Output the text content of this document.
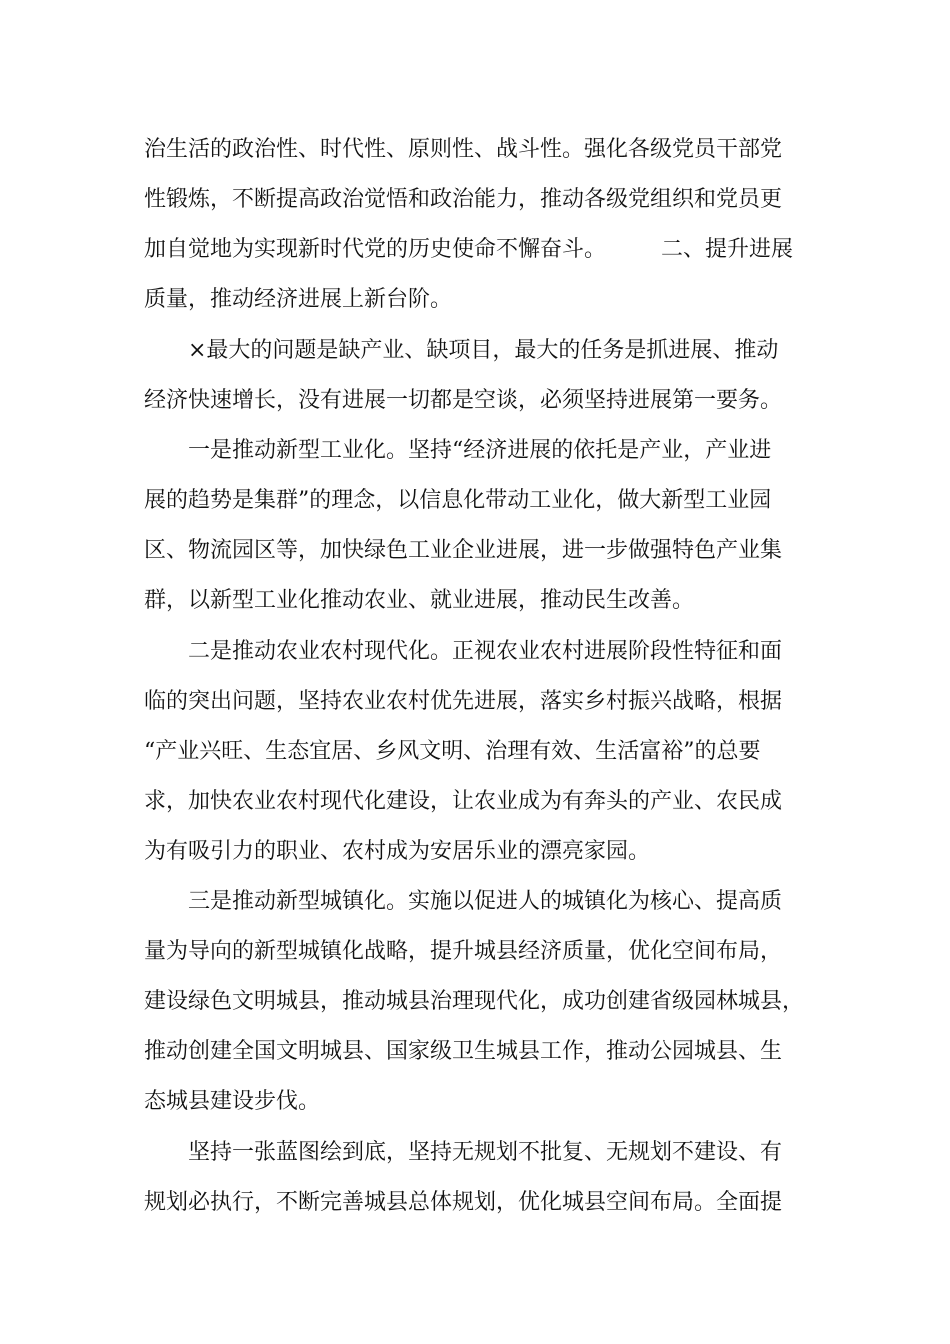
治生活的政治性、时代性、原则性、战斗性。强化各级党员干部党
性锻炼，不断提高政治觉悟和政治能力，推动各级党组织和党员更
加自觉地为实现新时代党的历史使命不懈奋斗。　　　二、提升进展
质量，推动经济进展上新台阶。
×最大的问题是缺产业、缺项目，最大的任务是抓进展、推动
经济快速增长，没有进展一切都是空谈，必须坚持进展第一要务。
一是推动新型工业化。坚持“经济进展的依托是产业，产业进
展的趋势是集群”的理念，以信息化带动工业化，做大新型工业园
区、物流园区等，加快绿色工业企业进展，进一步做强特色产业集
群，以新型工业化推动农业、就业进展，推动民生改善。
二是推动农业农村现代化。正视农业农村进展阶段性特征和面
临的突出问题，坚持农业农村优先进展，落实乡村振兴战略，根据
“产业兴旺、生态宜居、乡风文明、治理有效、生活富裕”的总要
求，加快农业农村现代化建设，让农业成为有奔头的产业、农民成
为有吸引力的职业、农村成为安居乐业的漂亮家园。
三是推动新型城镇化。实施以促进人的城镇化为核心、提高质
量为导向的新型城镇化战略，提升城县经济质量，优化空间布局，
建设绿色文明城县，推动城县治理现代化，成功创建省级园林城县，
推动创建全国文明城县、国家级卫生城县工作，推动公园城县、生
态城县建设步伐。
坚持一张蓝图绘到底，坚持无规划不批复、无规划不建设、有
规划必执行，不断完善城县总体规划，优化城县空间布局。全面提
